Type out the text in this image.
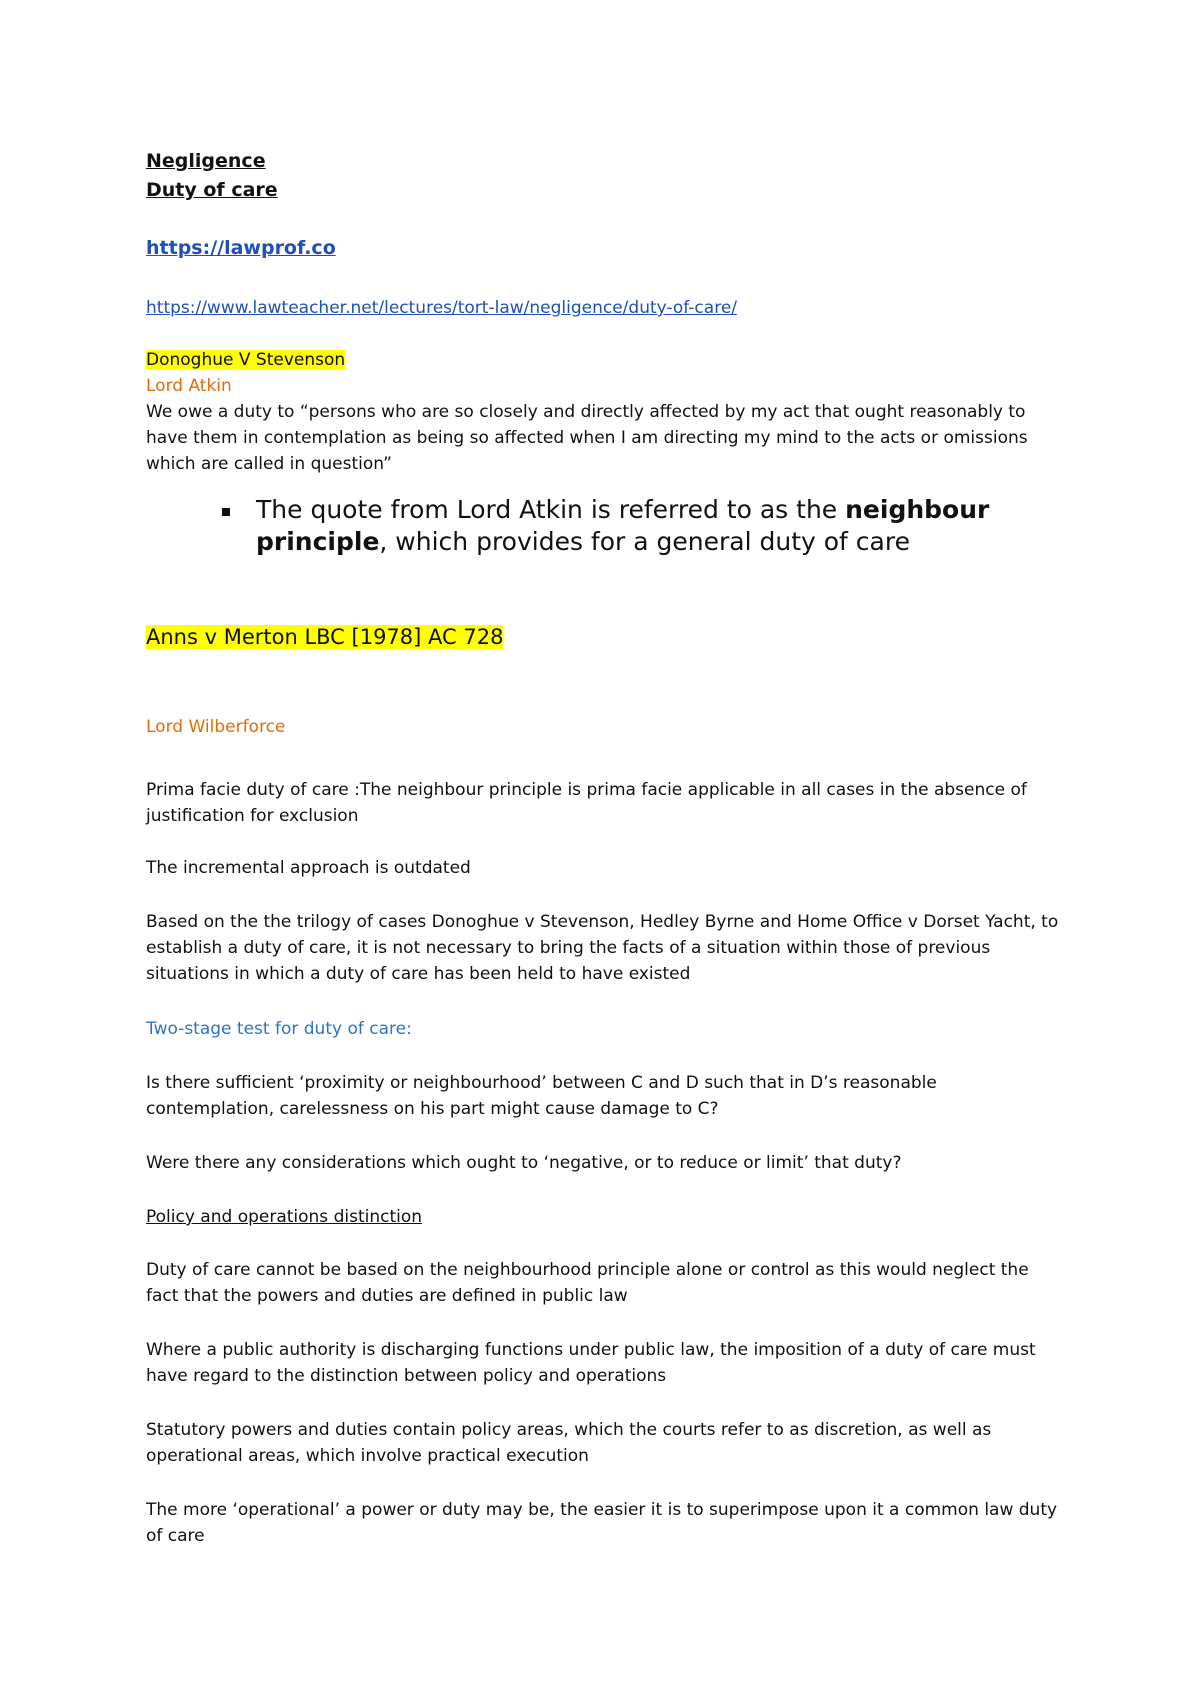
Negligence
Duty of care
https://lawprof.co
https://www.lawteacher.net/lectures/tort-law/negligence/duty-of-care/
Donoghue V Stevenson
Lord Atkin
We owe a duty to “persons who are so closely and directly affected by my act that ought reasonably to have them in contemplation as being so affected when I am directing my mind to the acts or omissions which are called in question”
The quote from Lord Atkin is referred to as the neighbour principle, which provides for a general duty of care
Anns v Merton LBC [1978] AC 728
Lord Wilberforce
Prima facie duty of care :The neighbour principle is prima facie applicable in all cases in the absence of justification for exclusion
The incremental approach is outdated
Based on the the trilogy of cases Donoghue v Stevenson, Hedley Byrne and Home Office v Dorset Yacht, to establish a duty of care, it is not necessary to bring the facts of a situation within those of previous situations in which a duty of care has been held to have existed
Two-stage test for duty of care:
Is there sufficient ‘proximity or neighbourhood’ between C and D such that in D’s reasonable contemplation, carelessness on his part might cause damage to C?
Were there any considerations which ought to ‘negative, or to reduce or limit’ that duty?
Policy and operations distinction
Duty of care cannot be based on the neighbourhood principle alone or control as this would neglect the fact that the powers and duties are defined in public law
Where a public authority is discharging functions under public law, the imposition of a duty of care must have regard to the distinction between policy and operations
Statutory powers and duties contain policy areas, which the courts refer to as discretion, as well as operational areas, which involve practical execution
The more ‘operational’ a power or duty may be, the easier it is to superimpose upon it a common law duty of care
